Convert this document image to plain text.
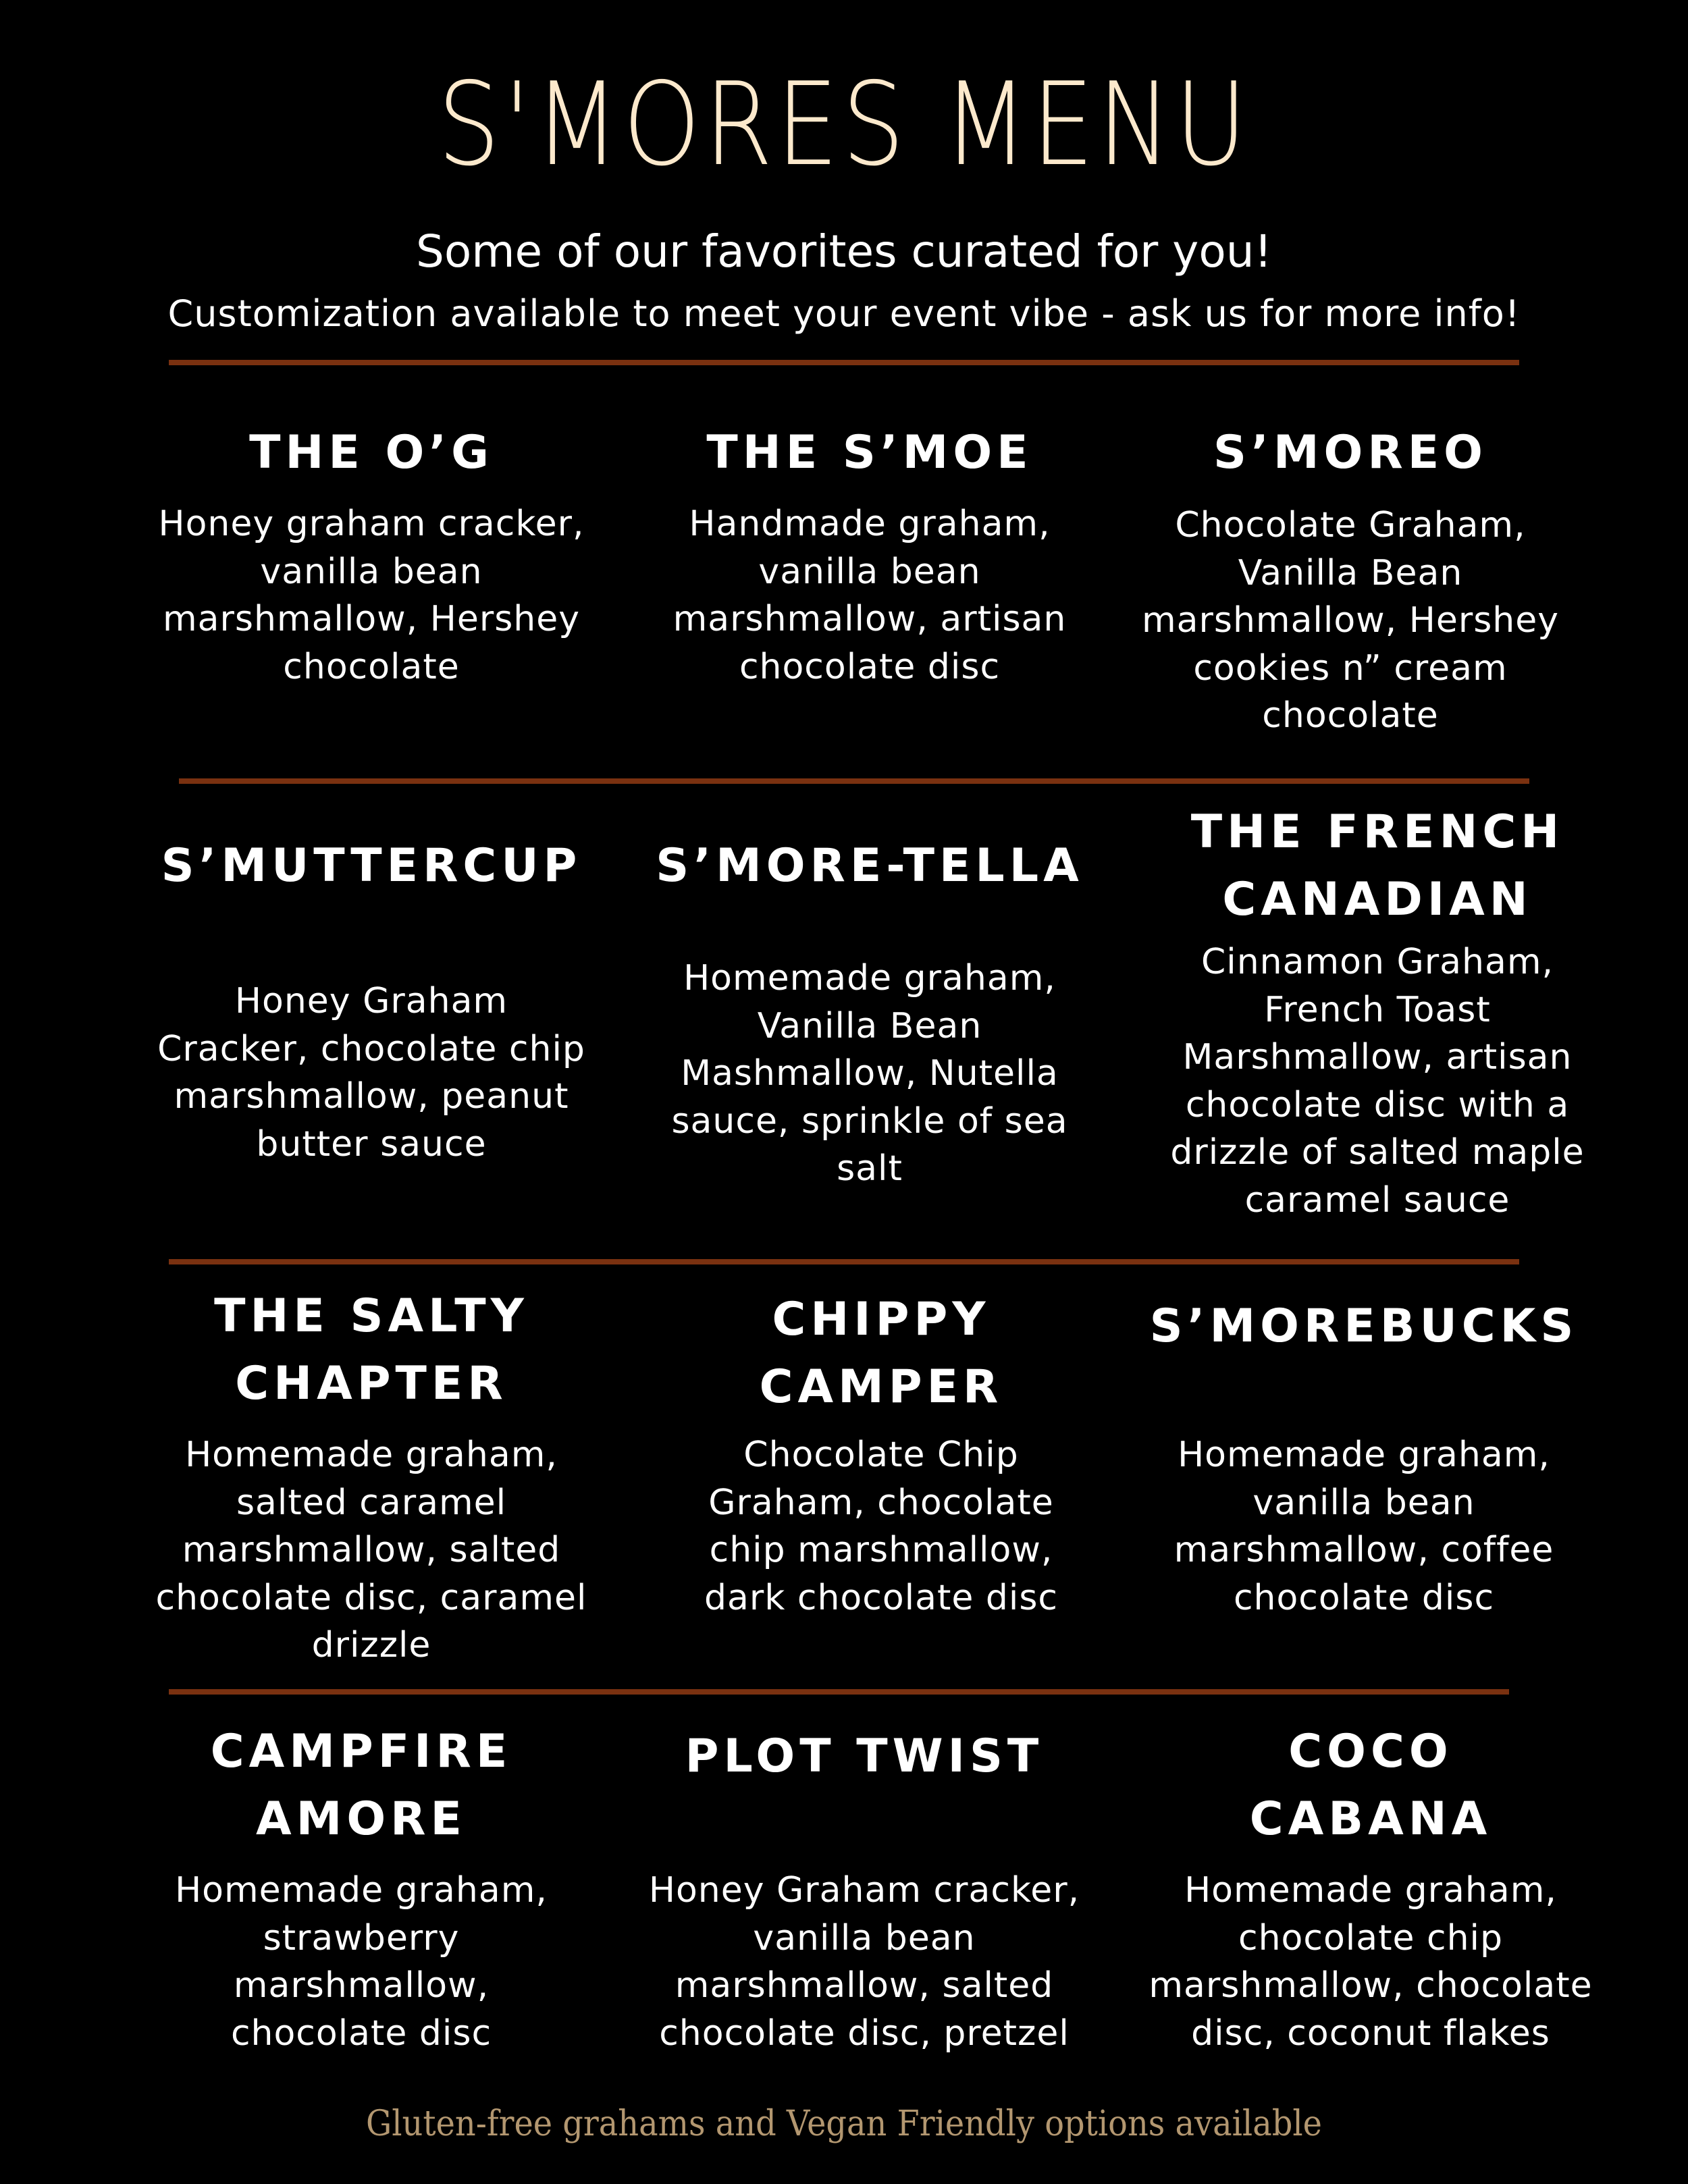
S'MORES MENU
Some of our favorites curated for you!
Customization available to meet your event vibe - ask us for more info!
THE O’G
Honey graham cracker, vanilla bean marshmallow, Hershey chocolate
THE S’MOE
Handmade graham, vanilla bean marshmallow, artisan chocolate disc
S’MOREO
Chocolate Graham, Vanilla Bean marshmallow, Hershey cookies n” cream chocolate
S’MUTTERCUP
Honey Graham Cracker, chocolate chip marshmallow, peanut butter sauce
S’MORE-TELLA
Homemade graham, Vanilla Bean Mashmallow, Nutella sauce, sprinkle of sea salt
THE FRENCH
CANADIAN
Cinnamon Graham, French Toast Marshmallow, artisan chocolate disc with a drizzle of salted maple caramel sauce
THE SALTY
CHAPTER
Homemade graham, salted caramel marshmallow, salted chocolate disc, caramel drizzle
CHIPPY
CAMPER
Chocolate Chip Graham, chocolate chip marshmallow, dark chocolate disc
S’MOREBUCKS
Homemade graham, vanilla bean marshmallow, coffee chocolate disc
CAMPFIRE
AMORE
Homemade graham, strawberry marshmallow, chocolate disc
PLOT TWIST
Honey Graham cracker, vanilla bean marshmallow, salted chocolate disc, pretzel
COCO
CABANA
Homemade graham, chocolate chip marshmallow, chocolate disc, coconut flakes
Gluten-free grahams and Vegan Friendly options available
